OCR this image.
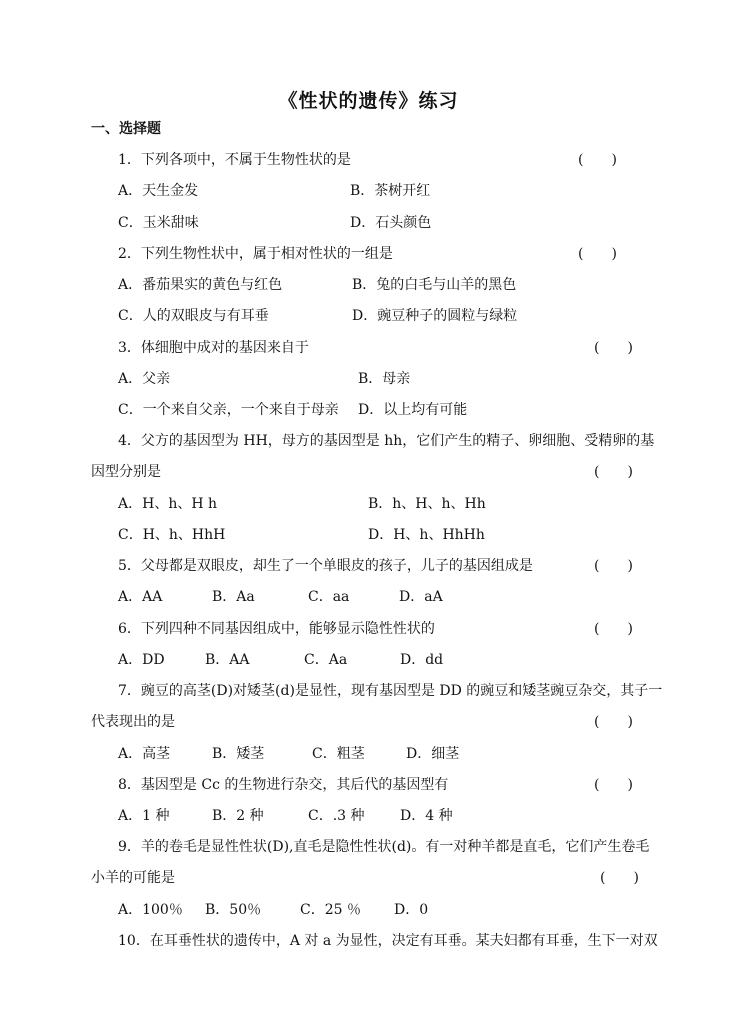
《性状的遗传》练习
一、选择题
1．下列各项中，不属于生物性状的是	(　　)
A．天生金发	B．茶树开红
C．玉米甜味	D．石头颜色
2．下列生物性状中，属于相对性状的一组是	(　　)
A．番茄果实的黄色与红色	B．兔的白毛与山羊的黑色
C．人的双眼皮与有耳垂	D．豌豆种子的圆粒与绿粒
3．体细胞中成对的基因来自于	(　　)
A．父亲	B．母亲
C．一个来自父亲，一个来自于母亲 D．以上均有可能
4．父方的基因型为 HH，母方的基因型是 hh，它们产生的精子、卵细胞、受精卵的基
因型分别是	(　　)
A．H、h、H h	B．h、H、h、Hh
C．H、h、HhH	D．H、h、HhHh
5．父母都是双眼皮，却生了一个单眼皮的孩子，儿子的基因组成是	(　　)
A．AA	B．Aa	C．aa	D．aA
6．下列四种不同基因组成中，能够显示隐性性状的	(　　)
A．DD	B．AA	C．Aa	D．dd
7．豌豆的高茎(D)对矮茎(d)是显性，现有基因型是 DD 的豌豆和矮茎豌豆杂交，其子一
代表现出的是	(　　)
A．高茎	B．矮茎	C．粗茎	D．细茎
8．基因型是 Cc 的生物进行杂交，其后代的基因型有	(　　)
A．1 种	B．2 种	C．.3 种	D．4 种
9．羊的卷毛是显性性状(D),直毛是隐性性状(d)。有一对种羊都是直毛，它们产生卷毛
小羊的可能是	(　　)
A．100％ B．50％	C．25 ％ D．0
10．在耳垂性状的遗传中，A 对 a 为显性，决定有耳垂。某夫妇都有耳垂，生下一对双
